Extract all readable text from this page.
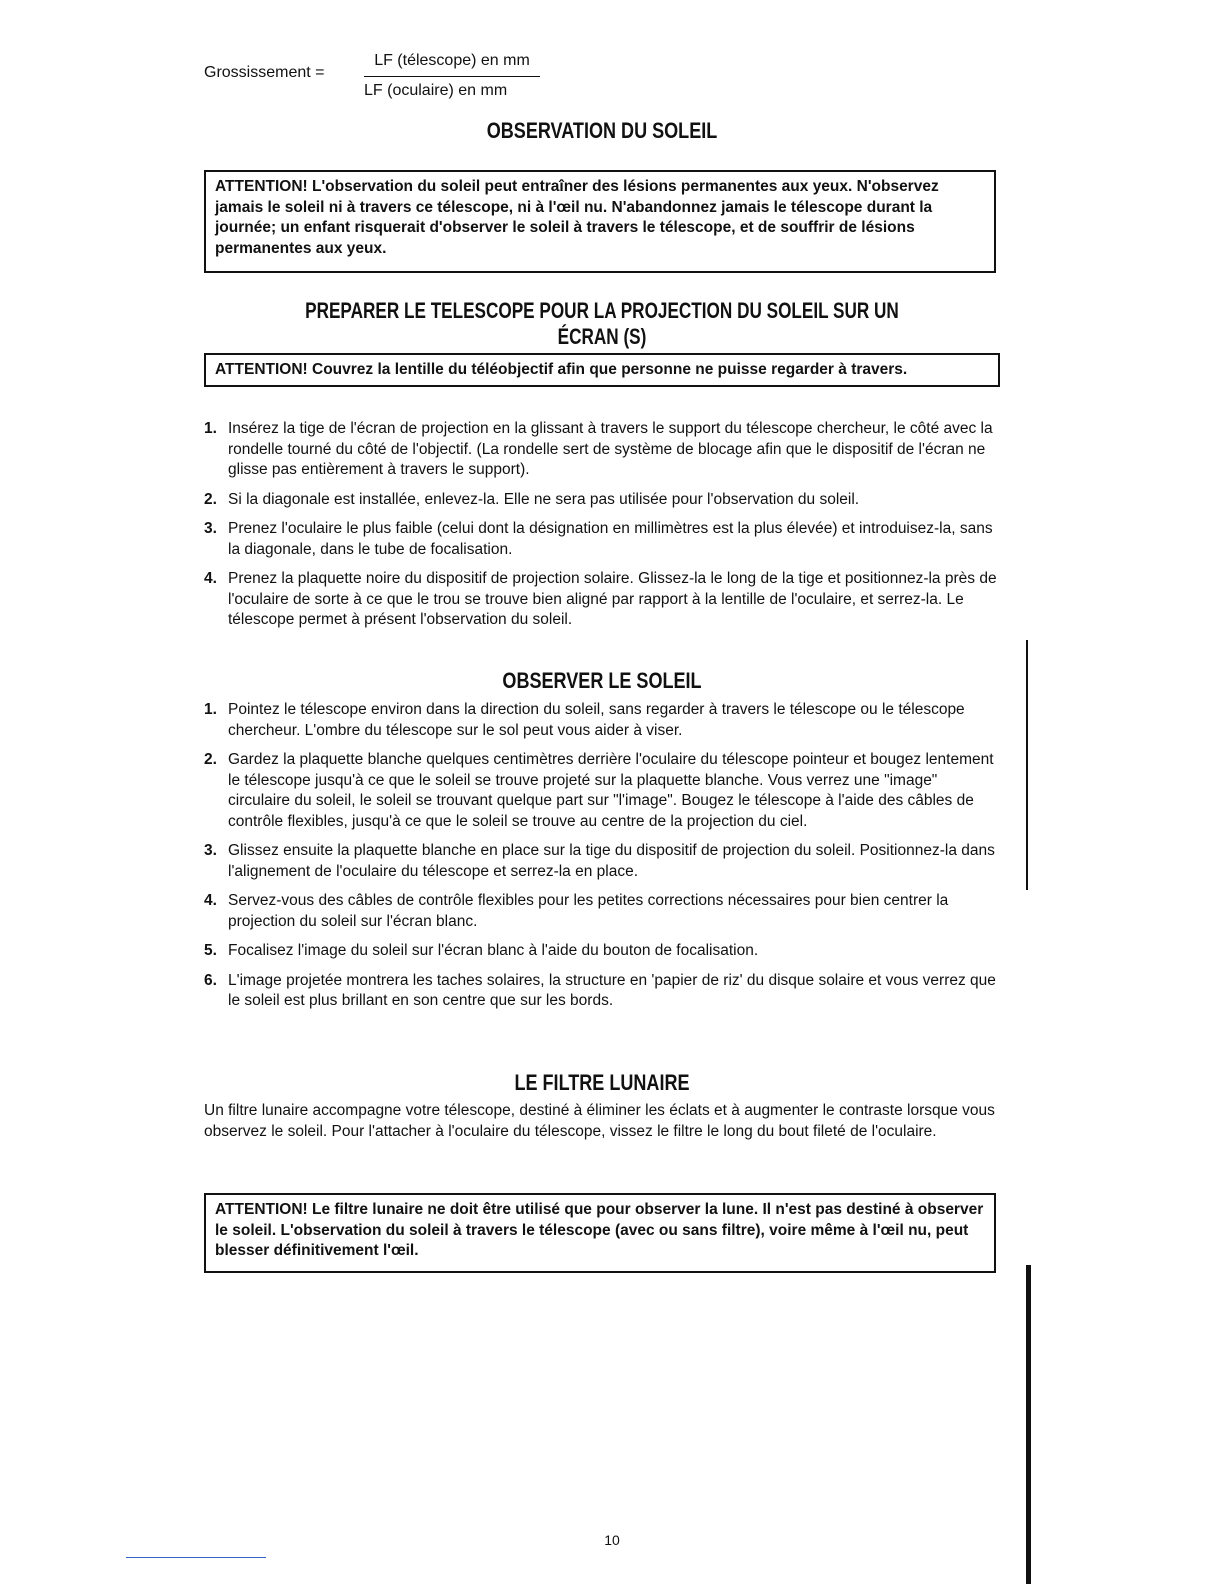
Grossissement =
LF (télescope) en mm
LF (oculaire) en mm
OBSERVATION DU SOLEIL
ATTENTION! L'observation du soleil peut entraîner des lésions permanentes aux yeux. N'observez jamais le soleil ni à travers ce télescope, ni à l'œil nu. N'abandonnez jamais le télescope durant la journée; un enfant risquerait d'observer le soleil à travers le télescope, et de souffrir de lésions permanentes aux yeux.
PREPARER LE TELESCOPE POUR LA PROJECTION DU SOLEIL SUR UN ÉCRAN (S)
ATTENTION! Couvrez la lentille du téléobjectif afin que personne ne puisse regarder à travers.
1. Insérez la tige de l'écran de projection en la glissant à travers le support du télescope chercheur, le côté avec la rondelle tourné du côté de l'objectif. (La rondelle sert de système de blocage afin que le dispositif de l'écran ne glisse pas entièrement à travers le support).
2. Si la diagonale est installée, enlevez-la. Elle ne sera pas utilisée pour l'observation du soleil.
3. Prenez l'oculaire le plus faible (celui dont la désignation en millimètres est la plus élevée) et introduisez-la, sans la diagonale, dans le tube de focalisation.
4. Prenez la plaquette noire du dispositif de projection solaire. Glissez-la le long de la tige et positionnez-la près de l'oculaire de sorte à ce que le trou se trouve bien aligné par rapport à la lentille de l'oculaire, et serrez-la. Le télescope permet à présent l'observation du soleil.
OBSERVER LE SOLEIL
1. Pointez le télescope environ dans la direction du soleil, sans regarder à travers le télescope ou le télescope chercheur. L'ombre du télescope sur le sol peut vous aider à viser.
2. Gardez la plaquette blanche quelques centimètres derrière l'oculaire du télescope pointeur et bougez lentement le télescope jusqu'à ce que le soleil se trouve projeté sur la plaquette blanche. Vous verrez une "image" circulaire du soleil, le soleil se trouvant quelque part sur "l'image". Bougez le télescope à l'aide des câbles de contrôle flexibles, jusqu'à ce que le soleil se trouve au centre de la projection du ciel.
3. Glissez ensuite la plaquette blanche en place sur la tige du dispositif de projection du soleil. Positionnez-la dans l'alignement de l'oculaire du télescope et serrez-la en place.
4. Servez-vous des câbles de contrôle flexibles pour les petites corrections nécessaires pour bien centrer la projection du soleil sur l'écran blanc.
5. Focalisez l'image du soleil sur l'écran blanc à l'aide du bouton de focalisation.
6. L'image projetée montrera les taches solaires, la structure en 'papier de riz' du disque solaire et vous verrez que le soleil est plus brillant en son centre que sur les bords.
LE FILTRE LUNAIRE

Un filtre lunaire accompagne votre télescope, destiné à éliminer les éclats et à augmenter le contraste lorsque vous observez le soleil. Pour l'attacher à l'oculaire du télescope, vissez le filtre le long du bout fileté de l'oculaire.

ATTENTION! Le filtre lunaire ne doit être utilisé que pour observer la lune. Il n'est pas destiné à observer le soleil. L'observation du soleil à travers le télescope (avec ou sans filtre), voire même à l'œil nu, peut blesser définitivement l'œil.
10
